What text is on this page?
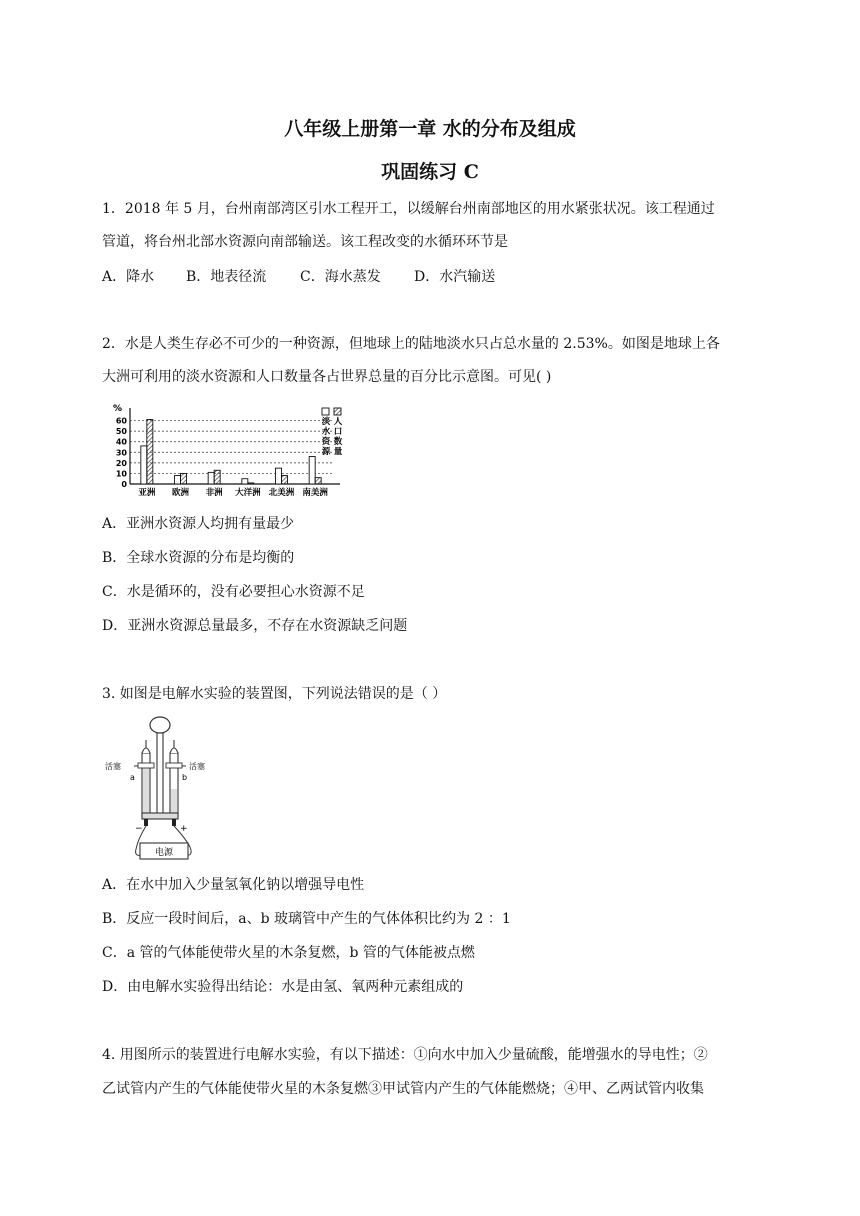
八年级上册第一章 水的分布及组成
巩固练习 C
1．2018 年 5 月，台州南部湾区引水工程开工，以缓解台州南部地区的用水紧张状况。该工程通过
管道，将台州北部水资源向南部输送。该工程改变的水循环环节是
A．降水 B．地表径流 C．海水蒸发 D．水汽输送
2．水是人类生存必不可少的一种资源，但地球上的陆地淡水只占总水量的 2.53%。如图是地球上各
大洲可利用的淡水资源和人口数量各占世界总量的百分比示意图。可见( )
%
0
10
20
30
40
50
60
亚洲 欧洲 非洲 大洋洲 北美洲 南美洲
淡水资源
人口数量
A．亚洲水资源人均拥有量最少
B．全球水资源的分布是均衡的
C．水是循环的，没有必要担心水资源不足
D．亚洲水资源总量最多，不存在水资源缺乏问题
3. 如图是电解水实验的装置图，下列说法错误的是（ ）
活塞	活塞
a	b
−	+
电源
A．在水中加入少量氢氧化钠以增强导电性
B．反应一段时间后，a、b 玻璃管中产生的气体体积比约为 2 ：1
C．a 管的气体能使带火星的木条复燃，b 管的气体能被点燃
D．由电解水实验得出结论：水是由氢、氧两种元素组成的
4. 用图所示的装置进行电解水实验，有以下描述：①向水中加入少量硫酸，能增强水的导电性；②
乙试管内产生的气体能使带火星的木条复燃③甲试管内产生的气体能燃烧；④甲、乙两试管内收集
